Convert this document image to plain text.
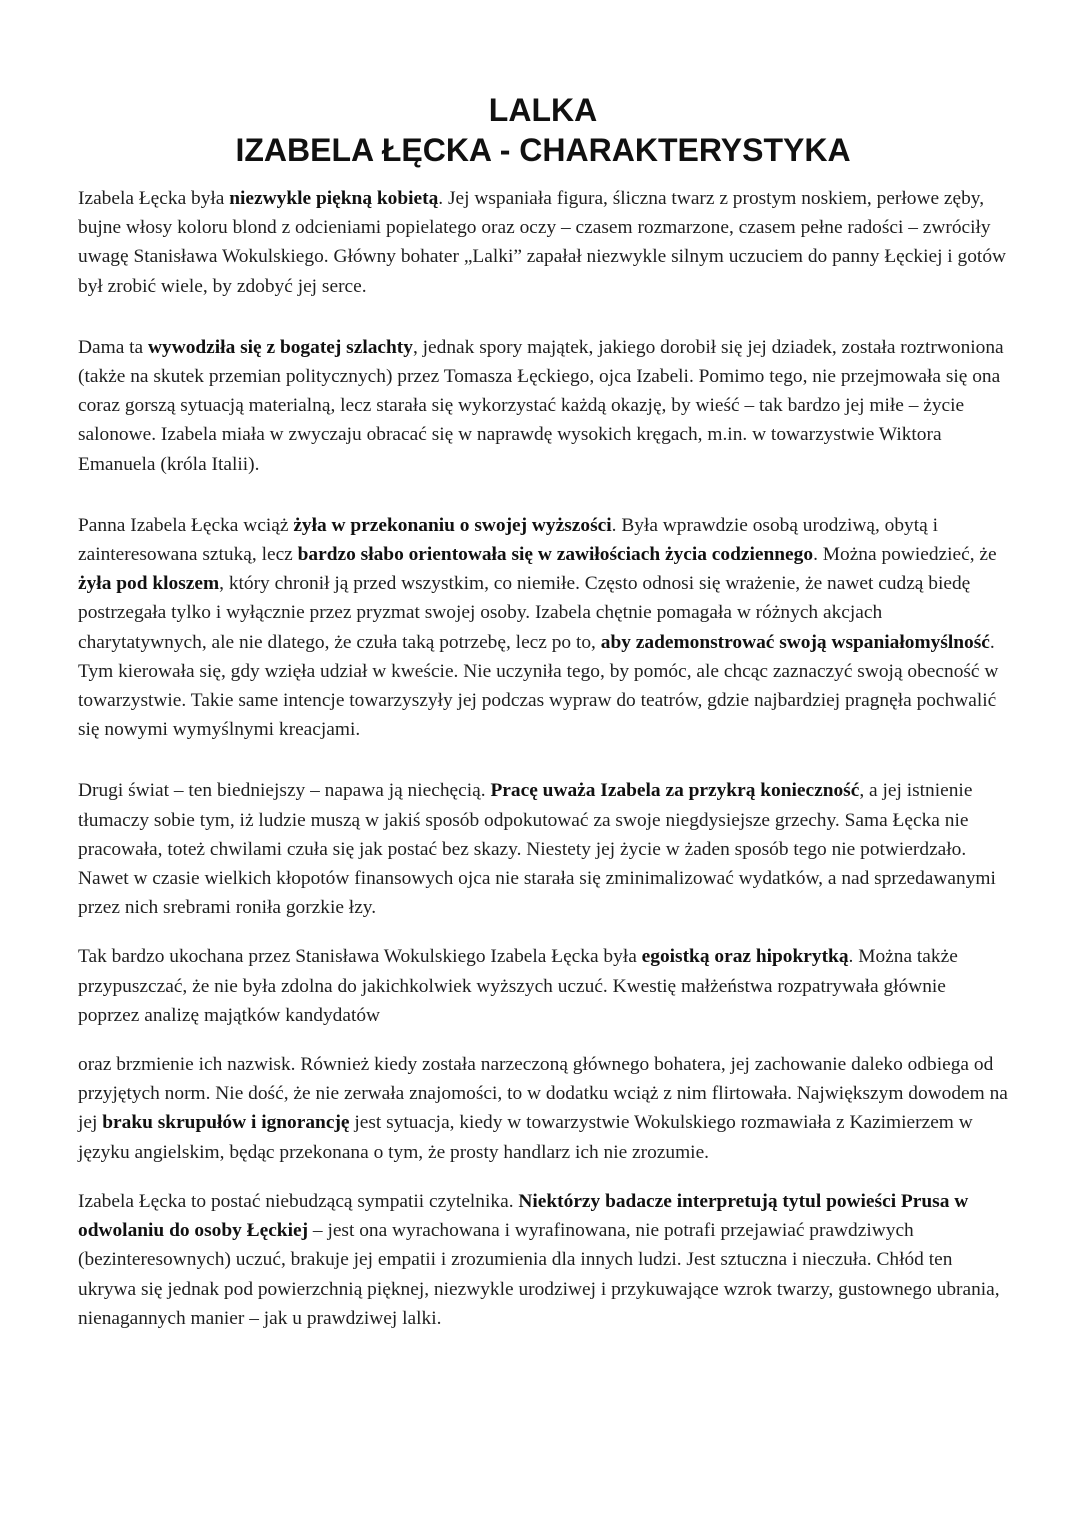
LALKA
IZABELA ŁĘCKA - CHARAKTERYSTYKA

Izabela Łęcka była niezwykle piękną kobietą. Jej wspaniała figura, śliczna twarz z prostym noskiem, perłowe zęby, bujne włosy koloru blond z odcieniami popielatego oraz oczy – czasem rozmarzone, czasem pełne radości – zwróciły uwagę Stanisława Wokulskiego. Główny bohater „Lalki” zapałał niezwykle silnym uczuciem do panny Łęckiej i gotów był zrobić wiele, by zdobyć jej serce.

Dama ta wywodziła się z bogatej szlachty, jednak spory majątek, jakiego dorobił się jej dziadek, została roztrwoniona (także na skutek przemian politycznych) przez Tomasza Łęckiego, ojca Izabeli. Pomimo tego, nie przejmowała się ona coraz gorszą sytuacją materialną, lecz starała się wykorzystać każdą okazję, by wieść – tak bardzo jej miłe – życie salonowe. Izabela miała w zwyczaju obracać się w naprawdę wysokich kręgach, m.in. w towarzystwie Wiktora Emanuela (króla Italii).

Panna Izabela Łęcka wciąż żyła w przekonaniu o swojej wyższości. Była wprawdzie osobą urodziwą, obytą i zainteresowana sztuką, lecz bardzo słabo orientowała się w zawiłościach życia codziennego. Można powiedzieć, że żyła pod kloszem, który chronił ją przed wszystkim, co niemiłe. Często odnosi się wrażenie, że nawet cudzą biedę postrzegała tylko i wyłącznie przez pryzmat swojej osoby. Izabela chętnie pomagała w różnych akcjach charytatywnych, ale nie dlatego, że czuła taką potrzebę, lecz po to, aby zademonstrować swoją wspaniałomyślność. Tym kierowała się, gdy wzięła udział w kweście. Nie uczyniła tego, by pomóc, ale chcąc zaznaczyć swoją obecność w towarzystwie. Takie same intencje towarzyszyły jej podczas wypraw do teatrów, gdzie najbardziej pragnęła pochwalić się nowymi wymyślnymi kreacjami.

Drugi świat – ten biedniejszy – napawa ją niechęcią. Pracę uważa Izabela za przykrą konieczność, a jej istnienie tłumaczy sobie tym, iż ludzie muszą w jakiś sposób odpokutować za swoje niegdysiejsze grzechy. Sama Łęcka nie pracowała, toteż chwilami czuła się jak postać bez skazy. Niestety jej życie w żaden sposób tego nie potwierdzało. Nawet w czasie wielkich kłopotów finansowych ojca nie starała się zminimalizować wydatków, a nad sprzedawanymi przez nich srebrami roniła gorzkie łzy.

Tak bardzo ukochana przez Stanisława Wokulskiego Izabela Łęcka była egoistką oraz hipokrytką. Można także przypuszczać, że nie była zdolna do jakichkolwiek wyższych uczuć. Kwestię małżeństwa rozpatrywała głównie poprzez analizę majątków kandydatów

oraz brzmienie ich nazwisk. Również kiedy została narzeczoną głównego bohatera, jej zachowanie daleko odbiega od przyjętych norm. Nie dość, że nie zerwała znajomości, to w dodatku wciąż z nim flirtowała. Największym dowodem na jej braku skrupułów i ignorancję jest sytuacja, kiedy w towarzystwie Wokulskiego rozmawiała z Kazimierzem w języku angielskim, będąc przekonana o tym, że prosty handlarz ich nie zrozumie.

Izabela Łęcka to postać niebudzącą sympatii czytelnika. Niektórzy badacze interpretują tytul powieści Prusa w odwolaniu do osoby Łęckiej – jest ona wyrachowana i wyrafinowana, nie potrafi przejawiać prawdziwych (bezinteresownych) uczuć, brakuje jej empatii i zrozumienia dla innych ludzi. Jest sztuczna i nieczuła. Chłód ten ukrywa się jednak pod powierzchnią pięknej, niezwykle urodziwej i przykuwające wzrok twarzy, gustownego ubrania, nienagannych manier – jak u prawdziwej lalki.
